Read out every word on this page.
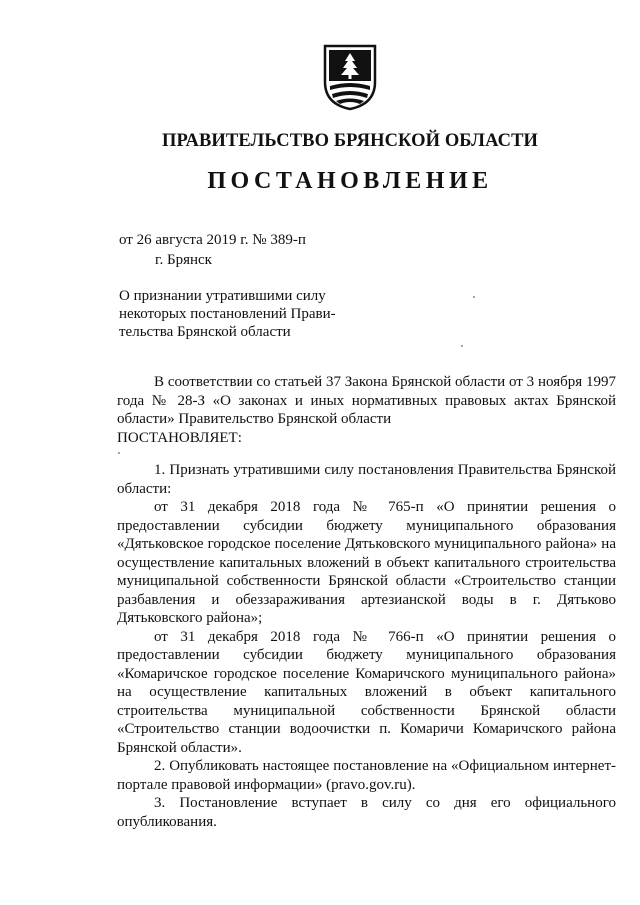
ПРАВИТЕЛЬСТВО БРЯНСКОЙ ОБЛАСТИ
ПОСТАНОВЛЕНИЕ
от 26 августа 2019 г. № 389-п
г. Брянск
О признании утратившими силу
некоторых постановлений Прави-
тельства Брянской области

В соответствии со статьей 37 Закона Брянской области от 3 ноября 1997 года № 28-З «О законах и иных нормативных правовых актах Брянской области» Правительство Брянской области

ПОСТАНОВЛЯЕТ:

1. Признать утратившими силу постановления Правительства Брянской области:

от 31 декабря 2018 года № 765-п «О принятии решения о предоставлении субсидии бюджету муниципального образования «Дятьковское городское поселение Дятьковского муниципального района» на осуществление капитальных вложений в объект капитального строительства муниципальной собственности Брянской области «Строительство станции разбавления и обеззараживания артезианской воды в г. Дятьково Дятьковского района»;

от 31 декабря 2018 года № 766-п «О принятии решения о предоставлении субсидии бюджету муниципального образования «Комаричское городское поселение Комаричского муниципального района» на осуществление капитальных вложений в объект капитального строительства муниципальной собственности Брянской области «Строительство станции водоочистки п. Комаричи Комаричского района Брянской области».

2. Опубликовать настоящее постановление на «Официальном интернет-портале правовой информации» (pravo.gov.ru).

3. Постановление вступает в силу со дня его официального опубликования.
